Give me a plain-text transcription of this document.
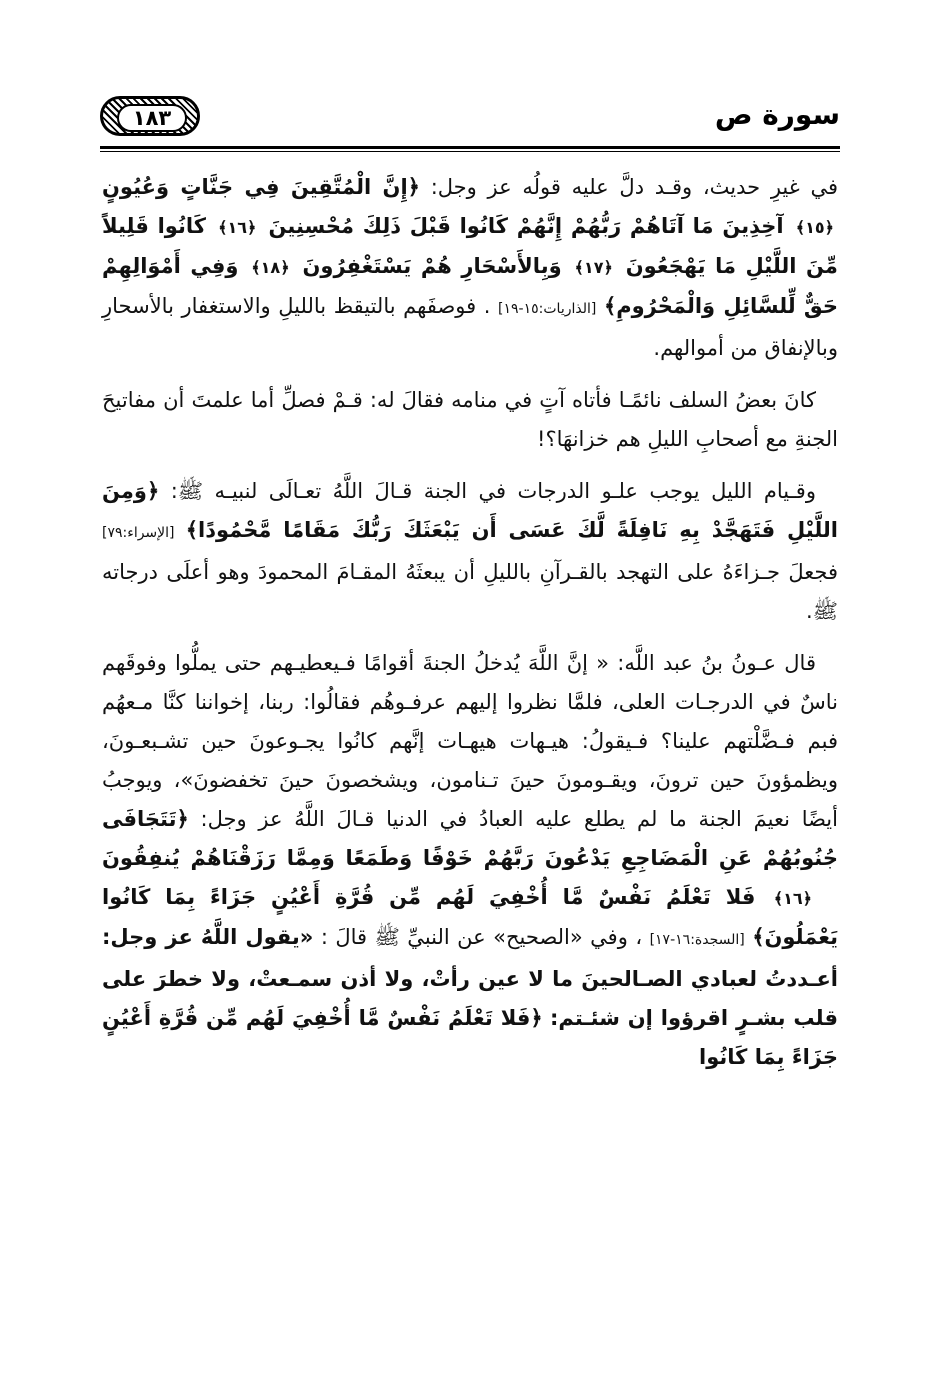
١٨٣	سورة ص

في غيرِ حديث، وقـد دلَّ عليه قولُه عز وجل: ﴿إِنَّ الْمُتَّقِينَ فِي جَنَّاتٍ وَعُيُونٍ ﴿١٥﴾ آخِذِينَ مَا آتَاهُمْ رَبُّهُمْ إِنَّهُمْ كَانُوا قَبْلَ ذَلِكَ مُحْسِنِينَ ﴿١٦﴾ كَانُوا قَلِيلاً مِّنَ اللَّيْلِ مَا يَهْجَعُونَ ﴿١٧﴾ وَبِالأَسْحَارِ هُمْ يَسْتَغْفِرُونَ ﴿١٨﴾ وَفِي أَمْوَالِهِمْ حَقٌّ لِّلسَّائِلِ وَالْمَحْرُومِ﴾ [الذاريات:١٥-١٩] . فوصفَهم بالتيقظ بالليلِ والاستغفار بالأسحارِ وبالإنفاق من أموالهم.

كانَ بعضُ السلف نائمًـا فأتاه آتٍ في منامه فقالَ له: قـمْ فصلِّ أما علمتَ أن مفاتيحَ الجنةِ مع أصحابِ الليلِ هم خزانهَا؟!

وقـيام الليل يوجب علـو الدرجات في الجنة قـالَ اللَّهُ تعـالَى لنبيـه ﷺ: ﴿وَمِنَ اللَّيْلِ فَتَهَجَّدْ بِهِ نَافِلَةً لَّكَ عَسَى أَن يَبْعَثَكَ رَبُّكَ مَقَامًا مَّحْمُودًا﴾ [الإسراء:٧٩] فجعلَ جـزاءَهُ على التهجد بالقـرآنِ بالليلِ أن يبعثَهُ المقـامَ المحمودَ وهو أعلَى درجاته ﷺ.

قال عـونُ بنُ عبد اللَّه: « إنَّ اللَّهَ يُدخلُ الجنةَ أقوامًا فـيعطيـهم حتى يملُّوا وفوقَهم ناسٌ في الدرجـات العلى، فلمَّا نظروا إليهم عرفـوهُم فقالُوا: ربنا، إخواننا كنَّا مـعهُم فبم فـضَّلْتهم علينا؟ فـيقولُ: هيـهات هيهـات إنَّهم كانُوا يجـوعونَ حين تشـبعـونَ، ويظمؤونَ حين ترونَ، ويقـومونَ حينَ تـنامون، ويشخصونَ حينَ تخفضونَ»، ويوجبُ أيضًا نعيمَ الجنة ما لم يطلع عليه العبادُ في الدنيا قـالَ اللَّهُ عز وجل: ﴿تَتَجَافَى جُنُوبُهُمْ عَنِ الْمَضَاجِعِ يَدْعُونَ رَبَّهُمْ خَوْفًا وَطَمَعًا وَمِمَّا رَزَقْنَاهُمْ يُنفِقُونَ ﴿١٦﴾ فَلا تَعْلَمُ نَفْسٌ مَّا أُخْفِيَ لَهُم مِّن قُرَّةِ أَعْيُنٍ جَزَاءً بِمَا كَانُوا يَعْمَلُونَ﴾ [السجدة:١٦-١٧] ، وفي «الصحيح» عن النبيِّ ﷺ قالَ : «يقول اللَّهُ عز وجل: أعـددتُ لعبادي الصـالحينَ ما لا عين رأتْ، ولا أذن سمـعتْ، ولا خطرَ على قلب بشـرٍ اقرؤوا إن شئـتم: ﴿فَلا تَعْلَمُ نَفْسٌ مَّا أُخْفِيَ لَهُم مِّن قُرَّةِ أَعْيُنٍ جَزَاءً بِمَا كَانُوا
